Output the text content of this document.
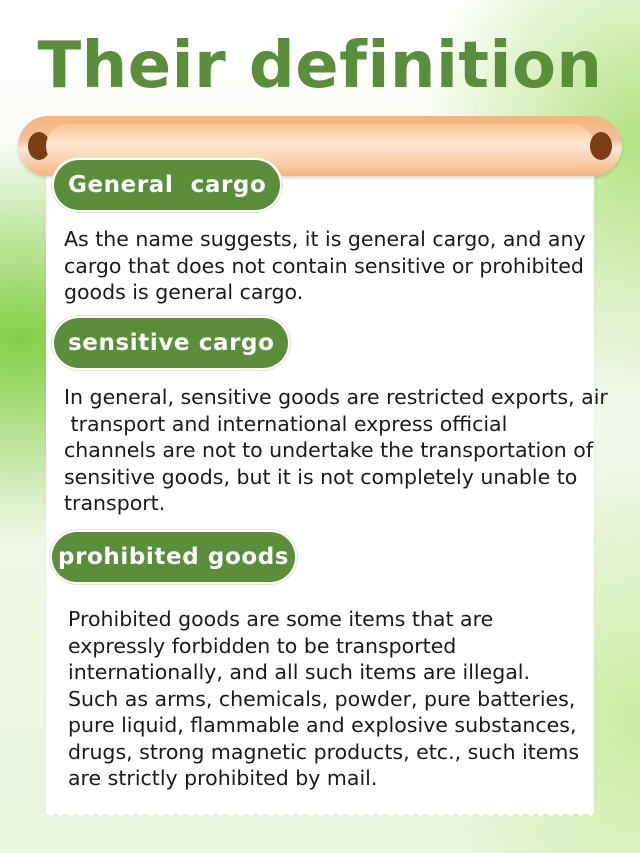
Their definition
General  cargo

As the name suggests, it is general cargo, and any
cargo that does not contain sensitive or prohibited
goods is general cargo.

sensitive cargo

In general, sensitive goods are restricted exports, air
transport and international express official
channels are not to undertake the transportation of
sensitive goods, but it is not completely unable to
transport.

prohibited goods

Prohibited goods are some items that are
expressly forbidden to be transported
internationally, and all such items are illegal.
Such as arms, chemicals, powder, pure batteries,
pure liquid, flammable and explosive substances,
drugs, strong magnetic products, etc., such items
are strictly prohibited by mail.
